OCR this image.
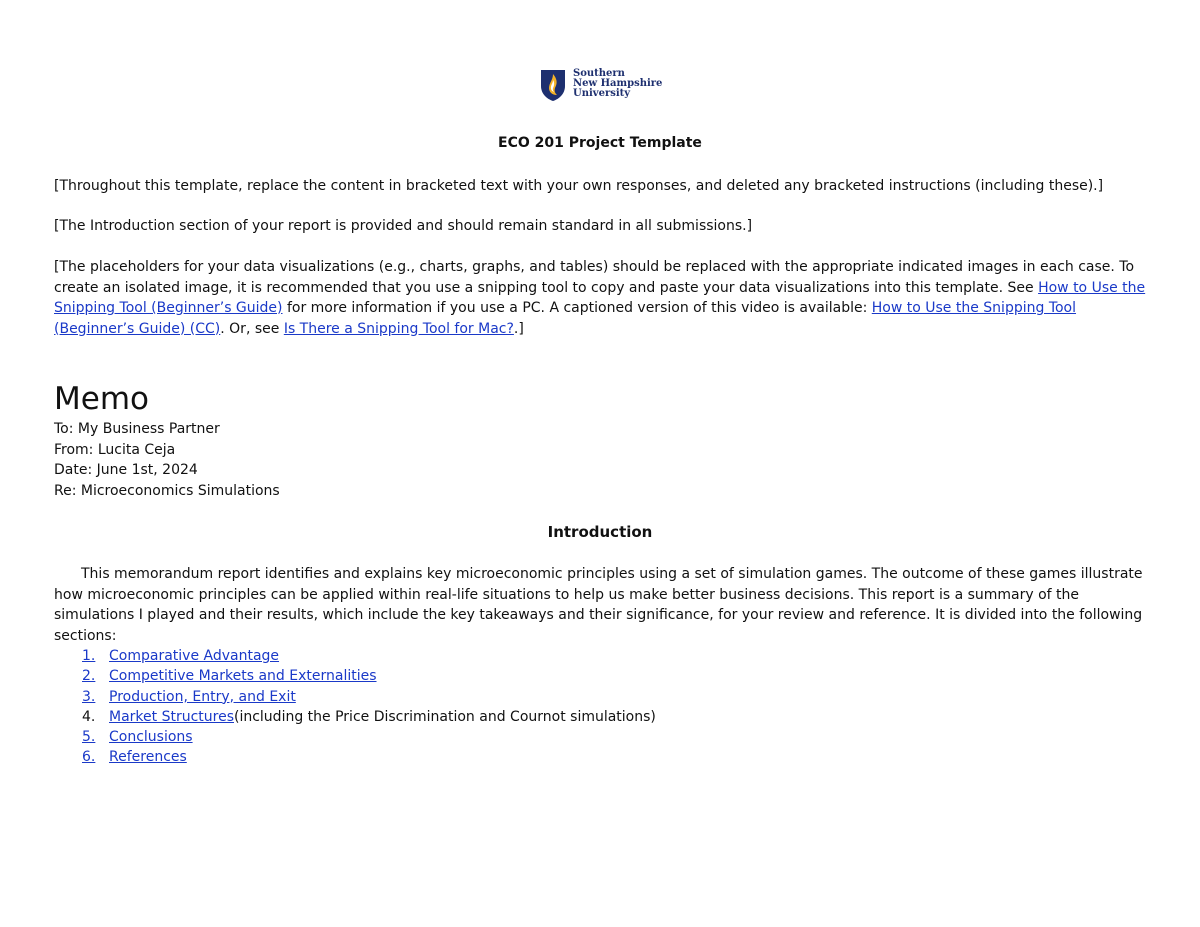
Southern
New Hampshire
University
ECO 201 Project Template
[Throughout this template, replace the content in bracketed text with your own responses, and deleted any bracketed instructions (including these).]
[The Introduction section of your report is provided and should remain standard in all submissions.]
[The placeholders for your data visualizations (e.g., charts, graphs, and tables) should be replaced with the appropriate indicated images in each case. To create an isolated image, it is recommended that you use a snipping tool to copy and paste your data visualizations into this template. See How to Use the Snipping Tool (Beginner’s Guide) for more information if you use a PC. A captioned version of this video is available: How to Use the Snipping Tool (Beginner’s Guide) (CC). Or, see Is There a Snipping Tool for Mac?.]
Memo
To: My Business Partner
From: Lucita Ceja
Date: June 1st, 2024
Re: Microeconomics Simulations
Introduction
This memorandum report identifies and explains key microeconomic principles using a set of simulation games. The outcome of these games illustrate how microeconomic principles can be applied within real-life situations to help us make better business decisions. This report is a summary of the simulations I played and their results, which include the key takeaways and their significance, for your review and reference. It is divided into the following sections:
1. Comparative Advantage
2. Competitive Markets and Externalities
3. Production, Entry, and Exit
4. Market Structures (including the Price Discrimination and Cournot simulations)
5. Conclusions
6. References
